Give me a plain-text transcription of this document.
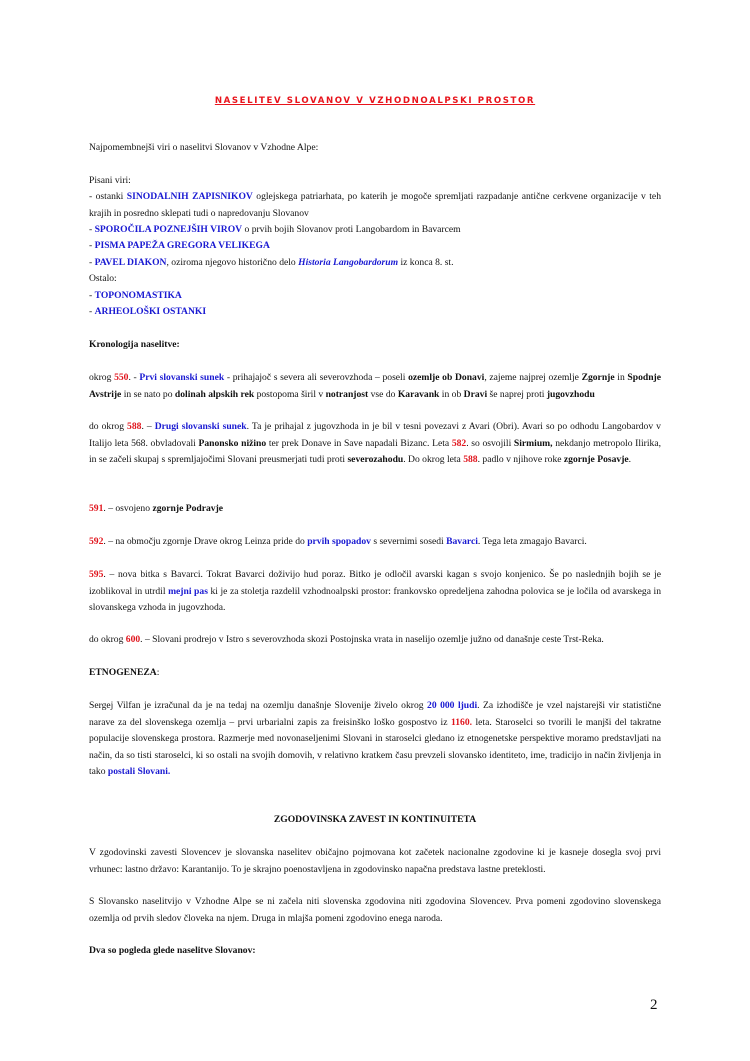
NASELITEV SLOVANOV V VZHODNOALPSKI PROSTOR

Najpomembnejši viri o naselitvi Slovanov v Vzhodne Alpe:

Pisani viri:

- ostanki SINODALNIH ZAPISNIKOV oglejskega patriarhata, po katerih je mogoče spremljati razpadanje antične cerkvene organizacije v teh krajih in posredno sklepati tudi o napredovanju Slovanov

- SPOROČILA POZNEJŠIH VIROV o prvih bojih Slovanov proti Langobardom in Bavarcem

- PISMA PAPEŽA GREGORA VELIKEGA

- PAVEL DIAKON, oziroma njegovo historično delo Historia Langobardorum iz konca 8. st.

Ostalo:

- TOPONOMASTIKA

- ARHEOLOŠKI OSTANKI

Kronologija naselitve:

okrog 550. - Prvi slovanski sunek - prihajajoč s severa ali severovzhoda – poseli ozemlje ob Donavi, zajeme najprej ozemlje Zgornje in Spodnje Avstrije in se nato po dolinah alpskih rek postopoma širil v notranjost vse do Karavank in ob Dravi še naprej proti jugovzhodu

do okrog 588. – Drugi slovanski sunek. Ta je prihajal z jugovzhoda in je bil v tesni povezavi z Avari (Obri). Avari so po odhodu Langobardov v Italijo leta 568. obvladovali Panonsko nižino ter prek Donave in Save napadali Bizanc. Leta 582. so osvojili Sirmium, nekdanjo metropolo Ilirika, in se začeli skupaj s spremljajočimi Slovani preusmerjati tudi proti severozahodu. Do okrog leta 588. padlo v njihove roke zgornje Posavje.

591. – osvojeno zgornje Podravje

592. – na območju zgornje Drave okrog Leinza pride do prvih spopadov s severnimi sosedi Bavarci. Tega leta zmagajo Bavarci.

595. – nova bitka s Bavarci. Tokrat Bavarci doživijo hud poraz. Bitko je odločil avarski kagan s svojo konjenico. Še po naslednjih bojih se je izoblikoval in utrdil mejni pas ki je za stoletja razdelil vzhodnoalpski prostor: frankovsko opredeljena zahodna polovica se je ločila od avarskega in slovanskega vzhoda in jugovzhoda.

do okrog 600. – Slovani prodrejo v Istro s severovzhoda skozi Postojnska vrata in naselijo ozemlje južno od današnje ceste Trst-Reka.

ETNOGENEZA:

Sergej Vilfan je izračunal da je na tedaj na ozemlju današnje Slovenije živelo okrog 20 000 ljudi. Za izhodišče je vzel najstarejši vir statistične narave za del slovenskega ozemlja – prvi urbarialni zapis za freisinško loško gospostvo iz 1160. leta. Staroselci so tvorili le manjši del takratne populacije slovenskega prostora. Razmerje med novonaseljenimi Slovani in staroselci gledano iz etnogenetske perspektive moramo predstavljati na način, da so tisti staroselci, ki so ostali na svojih domovih, v relativno kratkem času prevzeli slovansko identiteto, ime, tradicijo in način življenja in tako postali Slovani.

ZGODOVINSKA ZAVEST IN KONTINUITETA

V zgodovinski zavesti Slovencev je slovanska naselitev običajno pojmovana kot začetek nacionalne zgodovine ki je kasneje dosegla svoj prvi vrhunec: lastno državo: Karantanijo. To je skrajno poenostavljena in zgodovinsko napačna predstava lastne preteklosti.

S Slovansko naselitvijo v Vzhodne Alpe se ni začela niti slovenska zgodovina niti zgodovina Slovencev. Prva pomeni zgodovino slovenskega ozemlja od prvih sledov človeka na njem. Druga in mlajša pomeni zgodovino enega naroda.

Dva so pogleda glede naselitve Slovanov:

2
